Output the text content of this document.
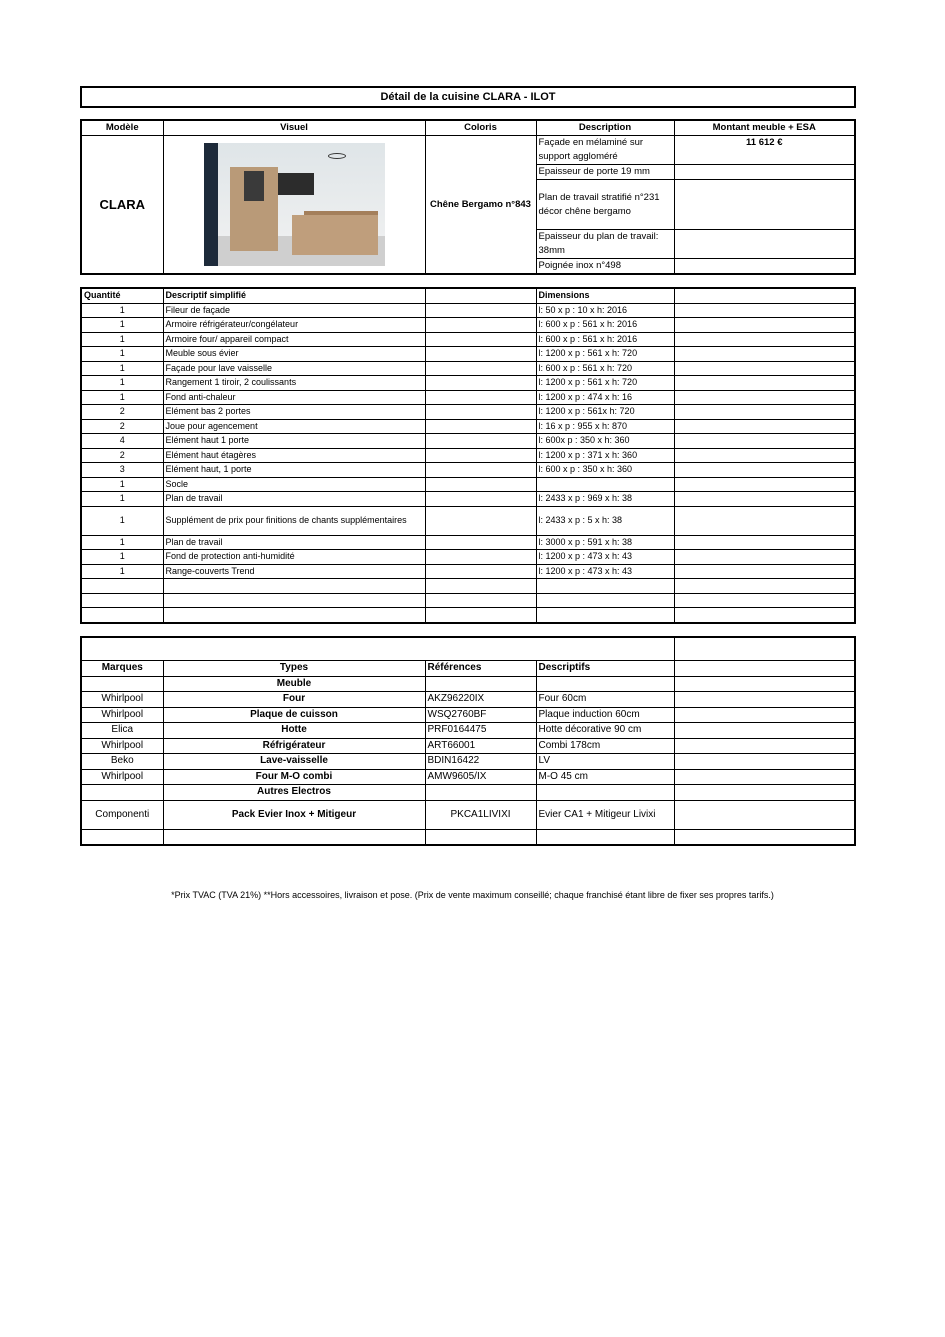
Détail de la cuisine CLARA - ILOT
Modèle	Visuel	Coloris	Description	Montant meuble + ESA
CLARA		Chêne Bergamo n°843	Façade en mélaminé sur support aggloméré	11 612 €
			Epaisseur de porte 19 mm	
			Plan de travail stratifié n°231 décor chêne bergamo	
			Epaisseur du plan de travail: 38mm	
			Poignée inox n°498	
Quantité	Descriptif simplifié		Dimensions	
1	Fileur de façade		l: 50 x p : 10 x h: 2016	
1	Armoire réfrigérateur/congélateur		l: 600 x p : 561 x h: 2016	
1	Armoire four/ appareil compact		l: 600 x p : 561 x h: 2016	
1	Meuble sous évier		l: 1200 x p : 561 x h: 720	
1	Façade pour lave vaisselle		l: 600 x p : 561 x h: 720	
1	Rangement 1 tiroir, 2 coulissants		l: 1200 x p : 561 x h: 720	
1	Fond anti-chaleur		l: 1200 x p : 474 x h: 16	
2	Elément bas 2 portes		l: 1200 x p : 561x h: 720	
2	Joue pour agencement		l: 16 x p : 955 x h: 870	
4	Elément haut 1 porte		l: 600x p : 350 x h: 360	
2	Elément haut étagères		l: 1200 x p : 371 x h: 360	
3	Elément haut, 1 porte		l: 600 x p : 350 x h: 360	
1	Socle			
1	Plan de travail		l: 2433 x p : 969 x h: 38	
1	Supplément de prix pour finitions de chants supplémentaires		l: 2433 x p : 5 x h: 38	
1	Plan de travail		l: 3000 x p : 591 x h: 38	
1	Fond de protection anti-humidité		l: 1200 x p : 473 x h: 43	
1	Range-couverts Trend		l: 1200 x p : 473 x h: 43	

Marques	Types	Références	Descriptifs	
	Meuble			
Whirlpool	Four	AKZ96220IX	Four 60cm	
Whirlpool	Plaque de cuisson	WSQ2760BF	Plaque induction 60cm	
Elica	Hotte	PRF0164475	Hotte décorative 90 cm	
Whirlpool	Réfrigérateur	ART66001	Combi 178cm	
Beko	Lave-vaisselle	BDIN16422	LV	
Whirlpool	Four M-O combi	AMW9605/IX	M-O 45 cm	
	Autres Electros			
Componenti	Pack Evier Inox + Mitigeur	PKCA1LIVIXI	Evier CA1 + Mitigeur Livixi	

*Prix TVAC (TVA 21%) **Hors accessoires, livraison et pose. (Prix de vente maximum conseillé; chaque franchisé étant libre de fixer ses propres tarifs.)
